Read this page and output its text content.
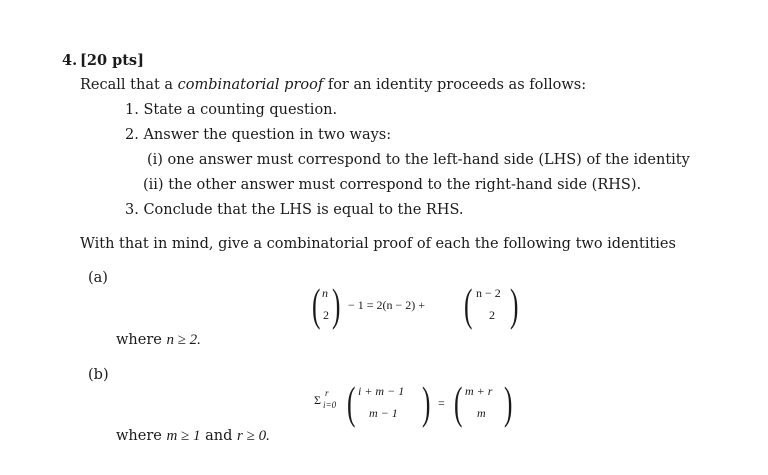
4. [20 pts]
Recall that a combinatorial proof for an identity proceeds as follows:
1. State a counting question.
2. Answer the question in two ways:
(i) one answer must correspond to the left-hand side (LHS) of the identity
(ii) the other answer must correspond to the right-hand side (RHS).
3. Conclude that the LHS is equal to the RHS.
With that in mind, give a combinatorial proof of each the following two identities
(a)
( n
2 ) − 1 = 2(n − 2) + ( n − 2
2 )
where n ≥ 2.
(b)
Σ r
i=0 ( i + m − 1
m − 1 ) = ( m + r
m )
where m ≥ 1 and r ≥ 0.
